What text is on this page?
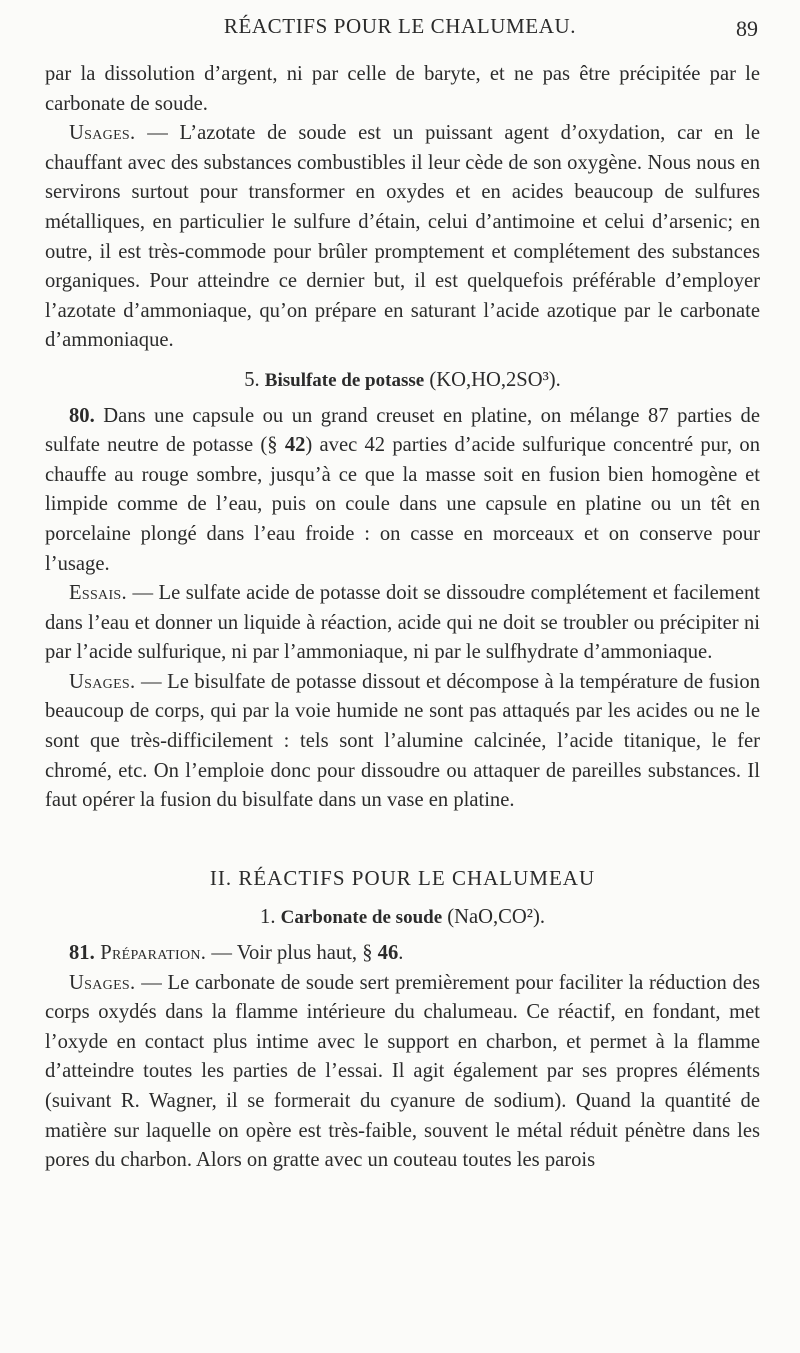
RÉACTIFS POUR LE CHALUMEAU.	89

par la dissolution d’argent, ni par celle de baryte, et ne pas être précipitée par le carbonate de soude.

Usages. — L’azotate de soude est un puissant agent d’oxydation, car en le chauffant avec des substances combustibles il leur cède de son oxygène. Nous nous en servirons surtout pour transformer en oxydes et en acides beaucoup de sulfures métalliques, en particulier le sulfure d’étain, celui d’antimoine et celui d’arsenic; en outre, il est très-commode pour brûler promptement et complétement des substances organiques. Pour atteindre ce dernier but, il est quelquefois préférable d’employer l’azotate d’ammoniaque, qu’on prépare en saturant l’acide azotique par le carbonate d’ammoniaque.

5. Bisulfate de potasse (KO,HO,2SO³).

80. Dans une capsule ou un grand creuset en platine, on mélange 87 parties de sulfate neutre de potasse (§ 42) avec 42 parties d’acide sulfurique concentré pur, on chauffe au rouge sombre, jusqu’à ce que la masse soit en fusion bien homogène et limpide comme de l’eau, puis on coule dans une capsule en platine ou un têt en porcelaine plongé dans l’eau froide : on casse en morceaux et on conserve pour l’usage.

Essais. — Le sulfate acide de potasse doit se dissoudre complétement et facilement dans l’eau et donner un liquide à réaction, acide qui ne doit se troubler ou précipiter ni par l’acide sulfurique, ni par l’ammoniaque, ni par le sulfhydrate d’ammoniaque.

Usages. — Le bisulfate de potasse dissout et décompose à la température de fusion beaucoup de corps, qui par la voie humide ne sont pas attaqués par les acides ou ne le sont que très-difficilement : tels sont l’alumine calcinée, l’acide titanique, le fer chromé, etc. On l’emploie donc pour dissoudre ou attaquer de pareilles substances. Il faut opérer la fusion du bisulfate dans un vase en platine.

II. RÉACTIFS POUR LE CHALUMEAU

1. Carbonate de soude (NaO,CO²).

81. Préparation. — Voir plus haut, § 46.

Usages. — Le carbonate de soude sert premièrement pour faciliter la réduction des corps oxydés dans la flamme intérieure du chalumeau. Ce réactif, en fondant, met l’oxyde en contact plus intime avec le support en charbon, et permet à la flamme d’atteindre toutes les parties de l’essai. Il agit également par ses propres éléments (suivant R. Wagner, il se formerait du cyanure de sodium). Quand la quantité de matière sur laquelle on opère est très-faible, souvent le métal réduit pénètre dans les pores du charbon. Alors on gratte avec un couteau toutes les parois
